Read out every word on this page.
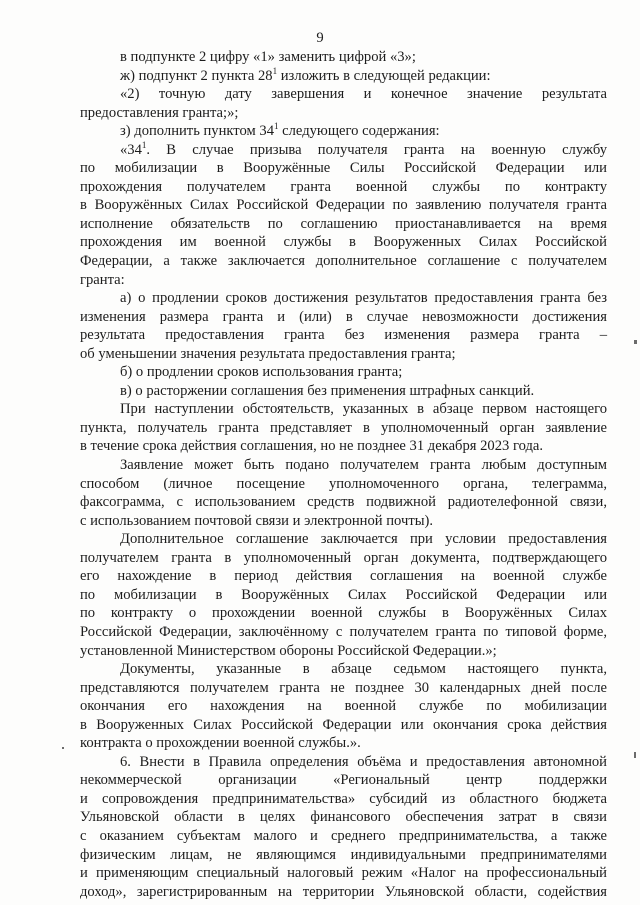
9
в подпункте 2 цифру «1» заменить цифрой «3»;
ж) подпункт 2 пункта $28^1$ изложить в следующей редакции:
«2) точную дату завершения и конечное значение результата
предоставления гранта;»;
з) дополнить пунктом $34^1$ следующего содержания:
«$34^1$. В случае призыва получателя гранта на военную службу
по мобилизации в Вооружённые Силы Российской Федерации или
прохождения получателем гранта военной службы по контракту
в Вооружённых Силах Российской Федерации по заявлению получателя гранта
исполнение обязательств по соглашению приостанавливается на время
прохождения им военной службы в Вооруженных Силах Российской
Федерации, а также заключается дополнительное соглашение с получателем
гранта:
а) о продлении сроков достижения результатов предоставления гранта без
изменения размера гранта и (или) в случае невозможности достижения
результата предоставления гранта без изменения размера гранта –
об уменьшении значения результата предоставления гранта;
б) о продлении сроков использования гранта;
в) о расторжении соглашения без применения штрафных санкций.
При наступлении обстоятельств, указанных в абзаце первом настоящего
пункта, получатель гранта представляет в уполномоченный орган заявление
в течение срока действия соглашения, но не позднее 31 декабря 2023 года.
Заявление может быть подано получателем гранта любым доступным
способом (личное посещение уполномоченного органа, телеграмма,
факсограмма, с использованием средств подвижной радиотелефонной связи,
с использованием почтовой связи и электронной почты).
Дополнительное соглашение заключается при условии предоставления
получателем гранта в уполномоченный орган документа, подтверждающего
его нахождение в период действия соглашения на военной службе
по мобилизации в Вооружённых Силах Российской Федерации или
по контракту о прохождении военной службы в Вооружённых Силах
Российской Федерации, заключённому с получателем гранта по типовой форме,
установленной Министерством обороны Российской Федерации.»;
Документы, указанные в абзаце седьмом настоящего пункта,
представляются получателем гранта не позднее 30 календарных дней после
окончания его нахождения на военной службе по мобилизации
в Вооруженных Силах Российской Федерации или окончания срока действия
контракта о прохождении военной службы.».
6. Внести в Правила определения объёма и предоставления автономной
некоммерческой организации «Региональный центр поддержки
и сопровождения предпринимательства» субсидий из областного бюджета
Ульяновской области в целях финансового обеспечения затрат в связи
с оказанием субъектам малого и среднего предпринимательства, а также
физическим лицам, не являющимся индивидуальными предпринимателями
и применяющим специальный налоговый режим «Налог на профессиональный
доход», зарегистрированным на территории Ульяновской области, содействия
